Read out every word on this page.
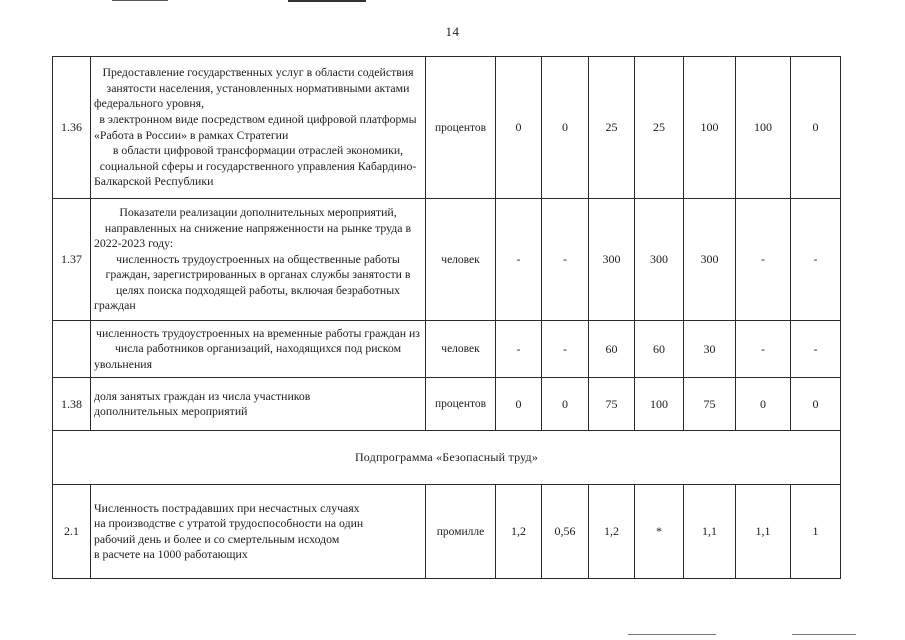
14
1.36	Предоставление государственных услуг в области содействия занятости населения, установленных нормативными актами федерального уровня,
в электронном виде посредством единой цифровой платформы «Работа в России» в рамках Стратегии
в области цифровой трансформации отраслей экономики, социальной сферы и государственного управления Кабардино-Балкарской Республики	процентов	0	0	25	25	100	100	0
1.37	Показатели реализации дополнительных мероприятий, направленных на снижение напряженности на рынке труда в 2022-2023 году:
численность трудоустроенных на общественные работы граждан, зарегистрированных в органах службы занятости в целях поиска подходящей работы, включая безработных граждан	человек	-	-	300	300	300	-	-

	численность трудоустроенных на временные работы граждан из числа работников организаций, находящихся под риском увольнения	человек	-	-	60	60	30	-	-
1.38	доля занятых граждан из числа участников
дополнительных мероприятий	процентов	0	0	75	100	75	0	0
Подпрограмма «Безопасный труд»									
2.1	Численность пострадавших при несчастных случаях
на производстве с утратой трудоспособности на один
рабочий день и более и со смертельным исходом
в расчете на 1000 работающих	промилле	1,2	0,56	1,2	*	1,1	1,1	1
